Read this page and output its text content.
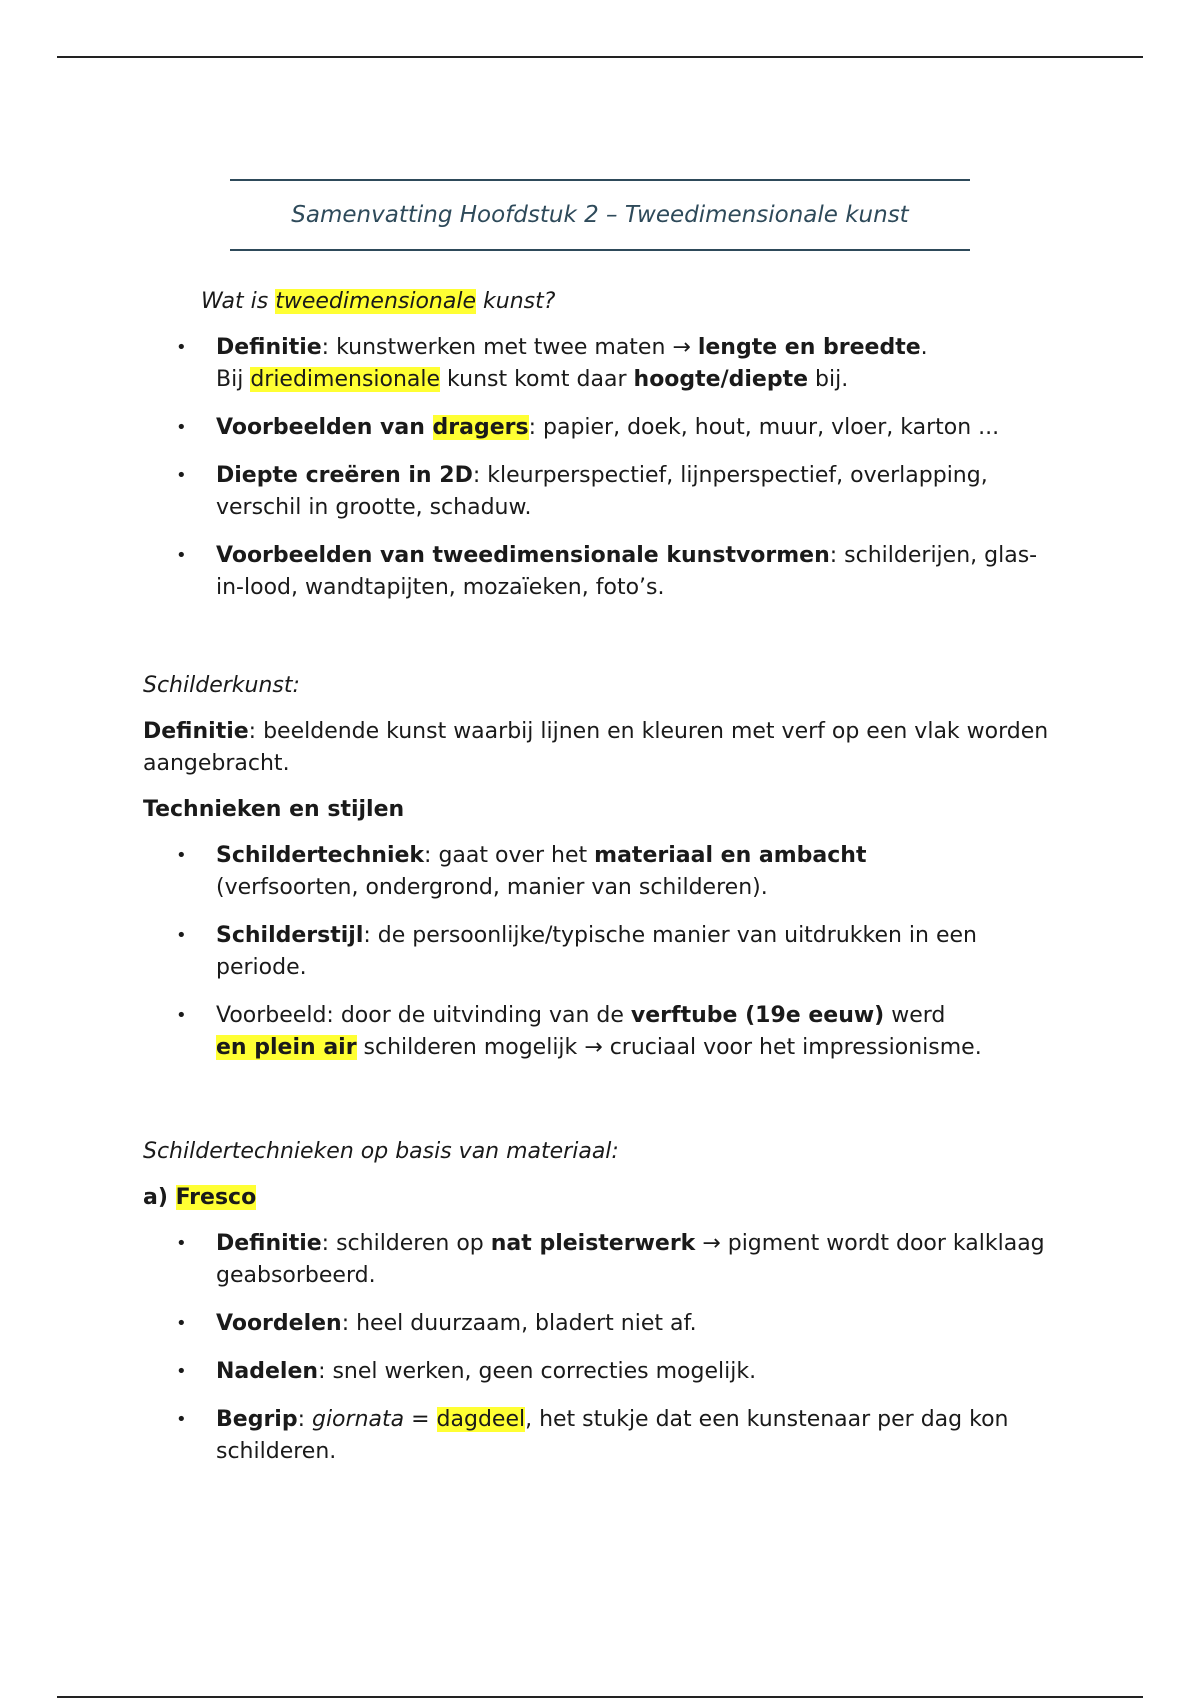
Samenvatting Hoofdstuk 2 – Tweedimensionale kunst
Wat is tweedimensionale kunst?
• Definitie: kunstwerken met twee maten → lengte en breedte.
Bij driedimensionale kunst komt daar hoogte/diepte bij.
• Voorbeelden van dragers: papier, doek, hout, muur, vloer, karton ...
• Diepte creëren in 2D: kleurperspectief, lijnperspectief, overlapping, verschil in grootte, schaduw.
• Voorbeelden van tweedimensionale kunstvormen: schilderijen, glas-in-lood, wandtapijten, mozaïeken, foto’s.
Schilderkunst:
Definitie: beeldende kunst waarbij lijnen en kleuren met verf op een vlak worden aangebracht.
Technieken en stijlen
• Schildertechniek: gaat over het materiaal en ambacht
(verfsoorten, ondergrond, manier van schilderen).
• Schilderstijl: de persoonlijke/typische manier van uitdrukken in een periode.
• Voorbeeld: door de uitvinding van de verftube (19e eeuw) werd
en plein air schilderen mogelijk → cruciaal voor het impressionisme.
Schildertechnieken op basis van materiaal:
a) Fresco
• Definitie: schilderen op nat pleisterwerk → pigment wordt door kalklaag geabsorbeerd.
• Voordelen: heel duurzaam, bladert niet af.
• Nadelen: snel werken, geen correcties mogelijk.
• Begrip: giornata = dagdeel, het stukje dat een kunstenaar per dag kon schilderen.
